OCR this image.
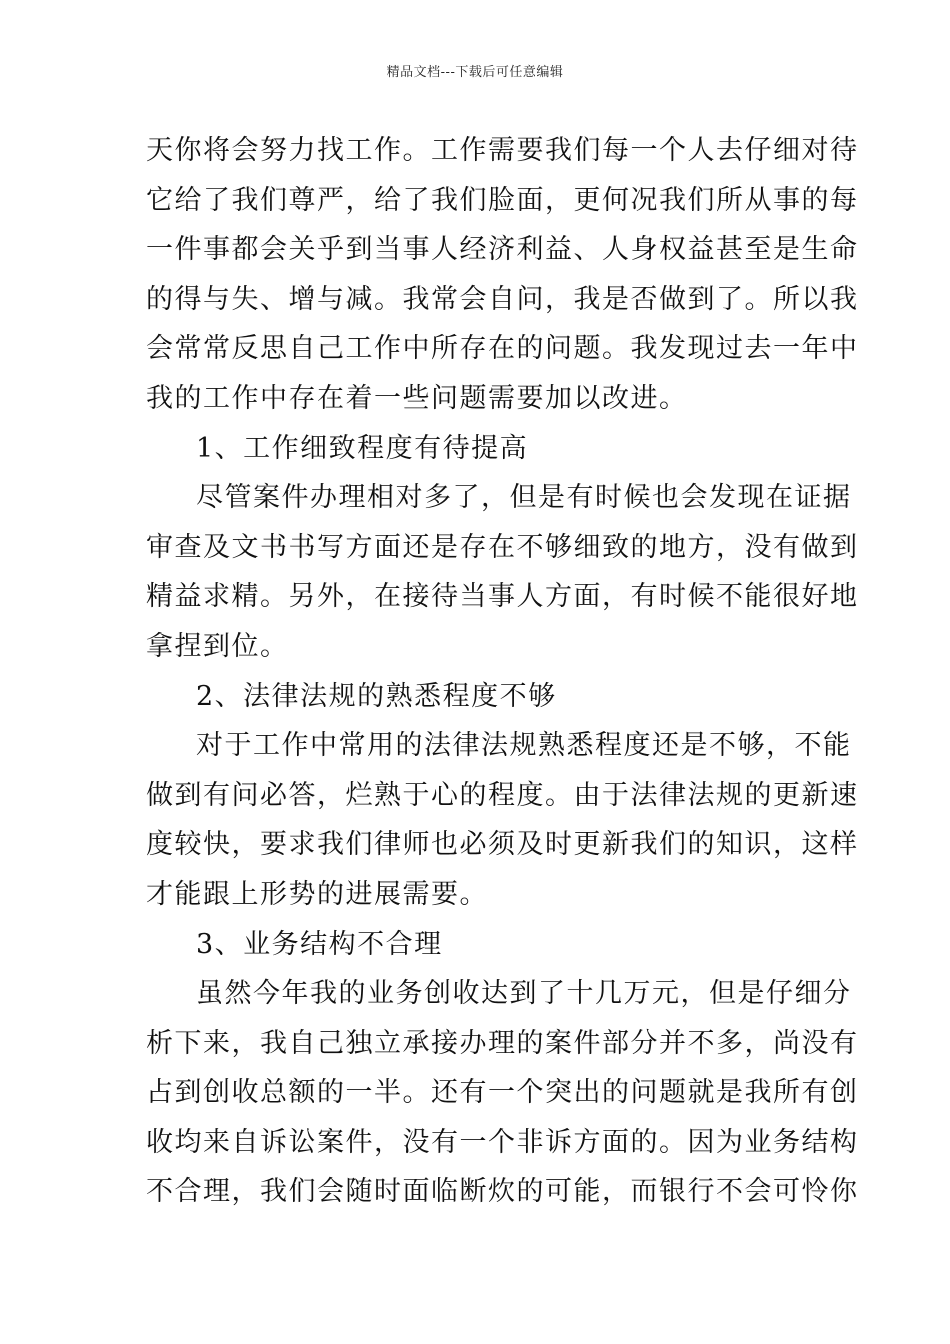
精品文档---下载后可任意编辑
天你将会努力找工作。工作需要我们每一个人去仔细对待
它给了我们尊严，给了我们脸面，更何况我们所从事的每
一件事都会关乎到当事人经济利益、人身权益甚至是生命
的得与失、增与减。我常会自问，我是否做到了。所以我
会常常反思自己工作中所存在的问题。我发现过去一年中
我的工作中存在着一些问题需要加以改进。
1、工作细致程度有待提高
尽管案件办理相对多了，但是有时候也会发现在证据
审查及文书书写方面还是存在不够细致的地方，没有做到
精益求精。另外，在接待当事人方面，有时候不能很好地
拿捏到位。
2、法律法规的熟悉程度不够
对于工作中常用的法律法规熟悉程度还是不够，不能
做到有问必答，烂熟于心的程度。由于法律法规的更新速
度较快，要求我们律师也必须及时更新我们的知识，这样
才能跟上形势的进展需要。
3、业务结构不合理
虽然今年我的业务创收达到了十几万元，但是仔细分
析下来，我自己独立承接办理的案件部分并不多，尚没有
占到创收总额的一半。还有一个突出的问题就是我所有创
收均来自诉讼案件，没有一个非诉方面的。因为业务结构
不合理，我们会随时面临断炊的可能，而银行不会可怜你
